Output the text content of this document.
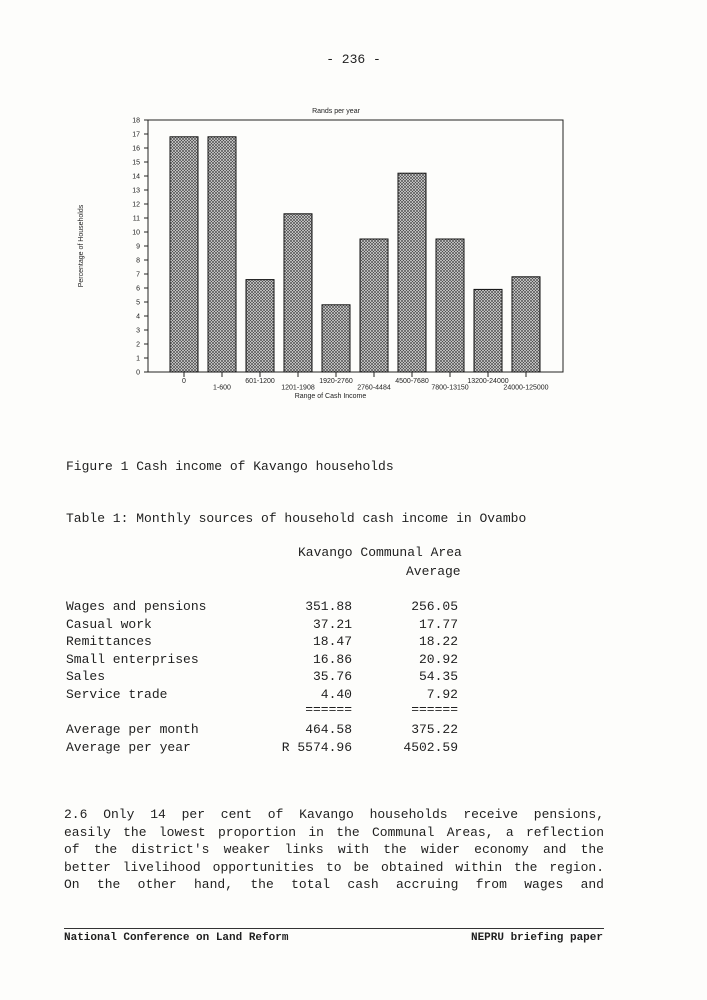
- 236 -
Rands per year
0
1
2
3
4
5
6
7
8
9
10
11
12
13
14
15
16
17
18
Percentage of Households
0
1-600
601-1200
1201-1908
1920-2760
2760-4484
4500-7680
7800-13150
13200-24000
24000-125000
Range of Cash Income
Figure 1 Cash income of Kavango households
Table 1: Monthly sources of household cash income in Ovambo
Kavango Communal Area
Average
Wages and pensions	351.88	256.05
Casual work	37.21	17.77
Remittances	18.47	18.22
Small enterprises	16.86	20.92
Sales	35.76	54.35
Service trade	4.40	7.92
======	======
Average per month	464.58	375.22
Average per year	R 5574.96	4502.59
2.6 Only 14 per cent of Kavango households receive pensions,
easily the lowest proportion in the Communal Areas, a reflection
of the district's weaker links with the wider economy and the
better livelihood opportunities to be obtained within the region.
On the other hand, the total cash accruing from wages and
National Conference on Land Reform	NEPRU briefing paper
